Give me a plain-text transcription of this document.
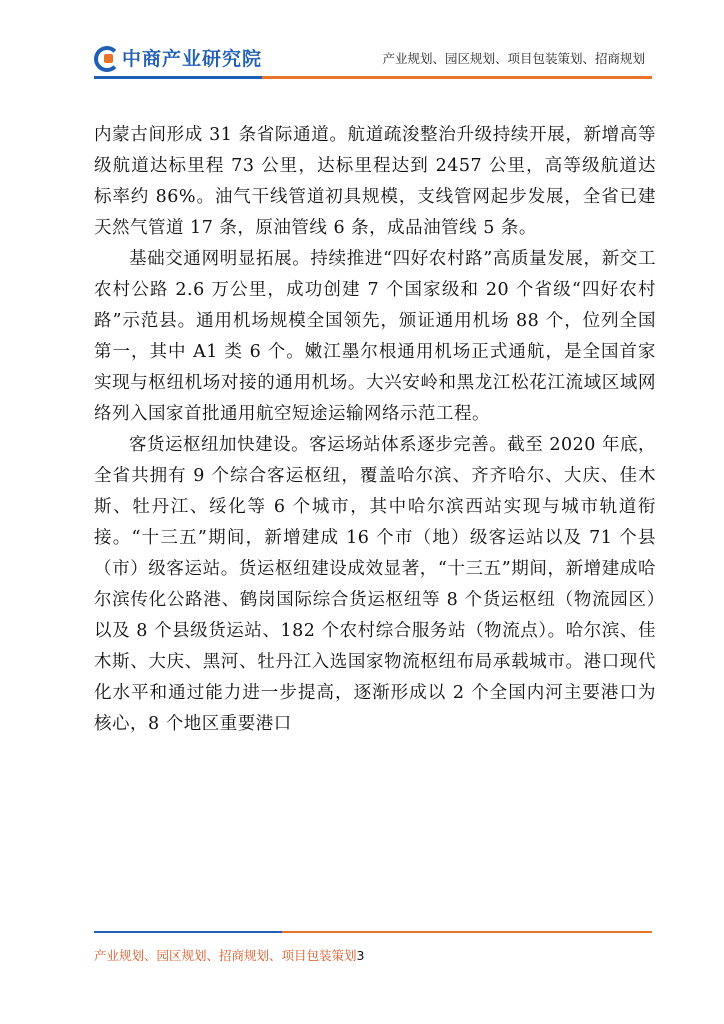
中商产业研究院	产业规划、园区规划、项目包装策划、招商规划

内蒙古间形成 31 条省际通道。航道疏浚整治升级持续开展，新增高等级航道达标里程 73 公里，达标里程达到 2457 公里，高等级航道达标率约 86%。油气干线管道初具规模，支线管网起步发展，全省已建天然气管道 17 条，原油管线 6 条，成品油管线 5 条。

基础交通网明显拓展。持续推进“四好农村路”高质量发展，新交工农村公路 2.6 万公里，成功创建 7 个国家级和 20 个省级“四好农村路”示范县。通用机场规模全国领先，颁证通用机场 88 个，位列全国第一，其中 A1 类 6 个。嫩江墨尔根通用机场正式通航，是全国首家实现与枢纽机场对接的通用机场。大兴安岭和黑龙江松花江流域区域网络列入国家首批通用航空短途运输网络示范工程。

客货运枢纽加快建设。客运场站体系逐步完善。截至 2020 年底，全省共拥有 9 个综合客运枢纽，覆盖哈尔滨、齐齐哈尔、大庆、佳木斯、牡丹江、绥化等 6 个城市，其中哈尔滨西站实现与城市轨道衔接。“十三五”期间，新增建成 16 个市（地）级客运站以及 71 个县（市）级客运站。货运枢纽建设成效显著，“十三五”期间，新增建成哈尔滨传化公路港、鹤岗国际综合货运枢纽等 8 个货运枢纽（物流园区）以及 8 个县级货运站、182 个农村综合服务站（物流点）。哈尔滨、佳木斯、大庆、黑河、牡丹江入选国家物流枢纽布局承载城市。港口现代化水平和通过能力进一步提高，逐渐形成以 2 个全国内河主要港口为核心，8 个地区重要港口

产业规划、园区规划、招商规划、项目包装策划3
